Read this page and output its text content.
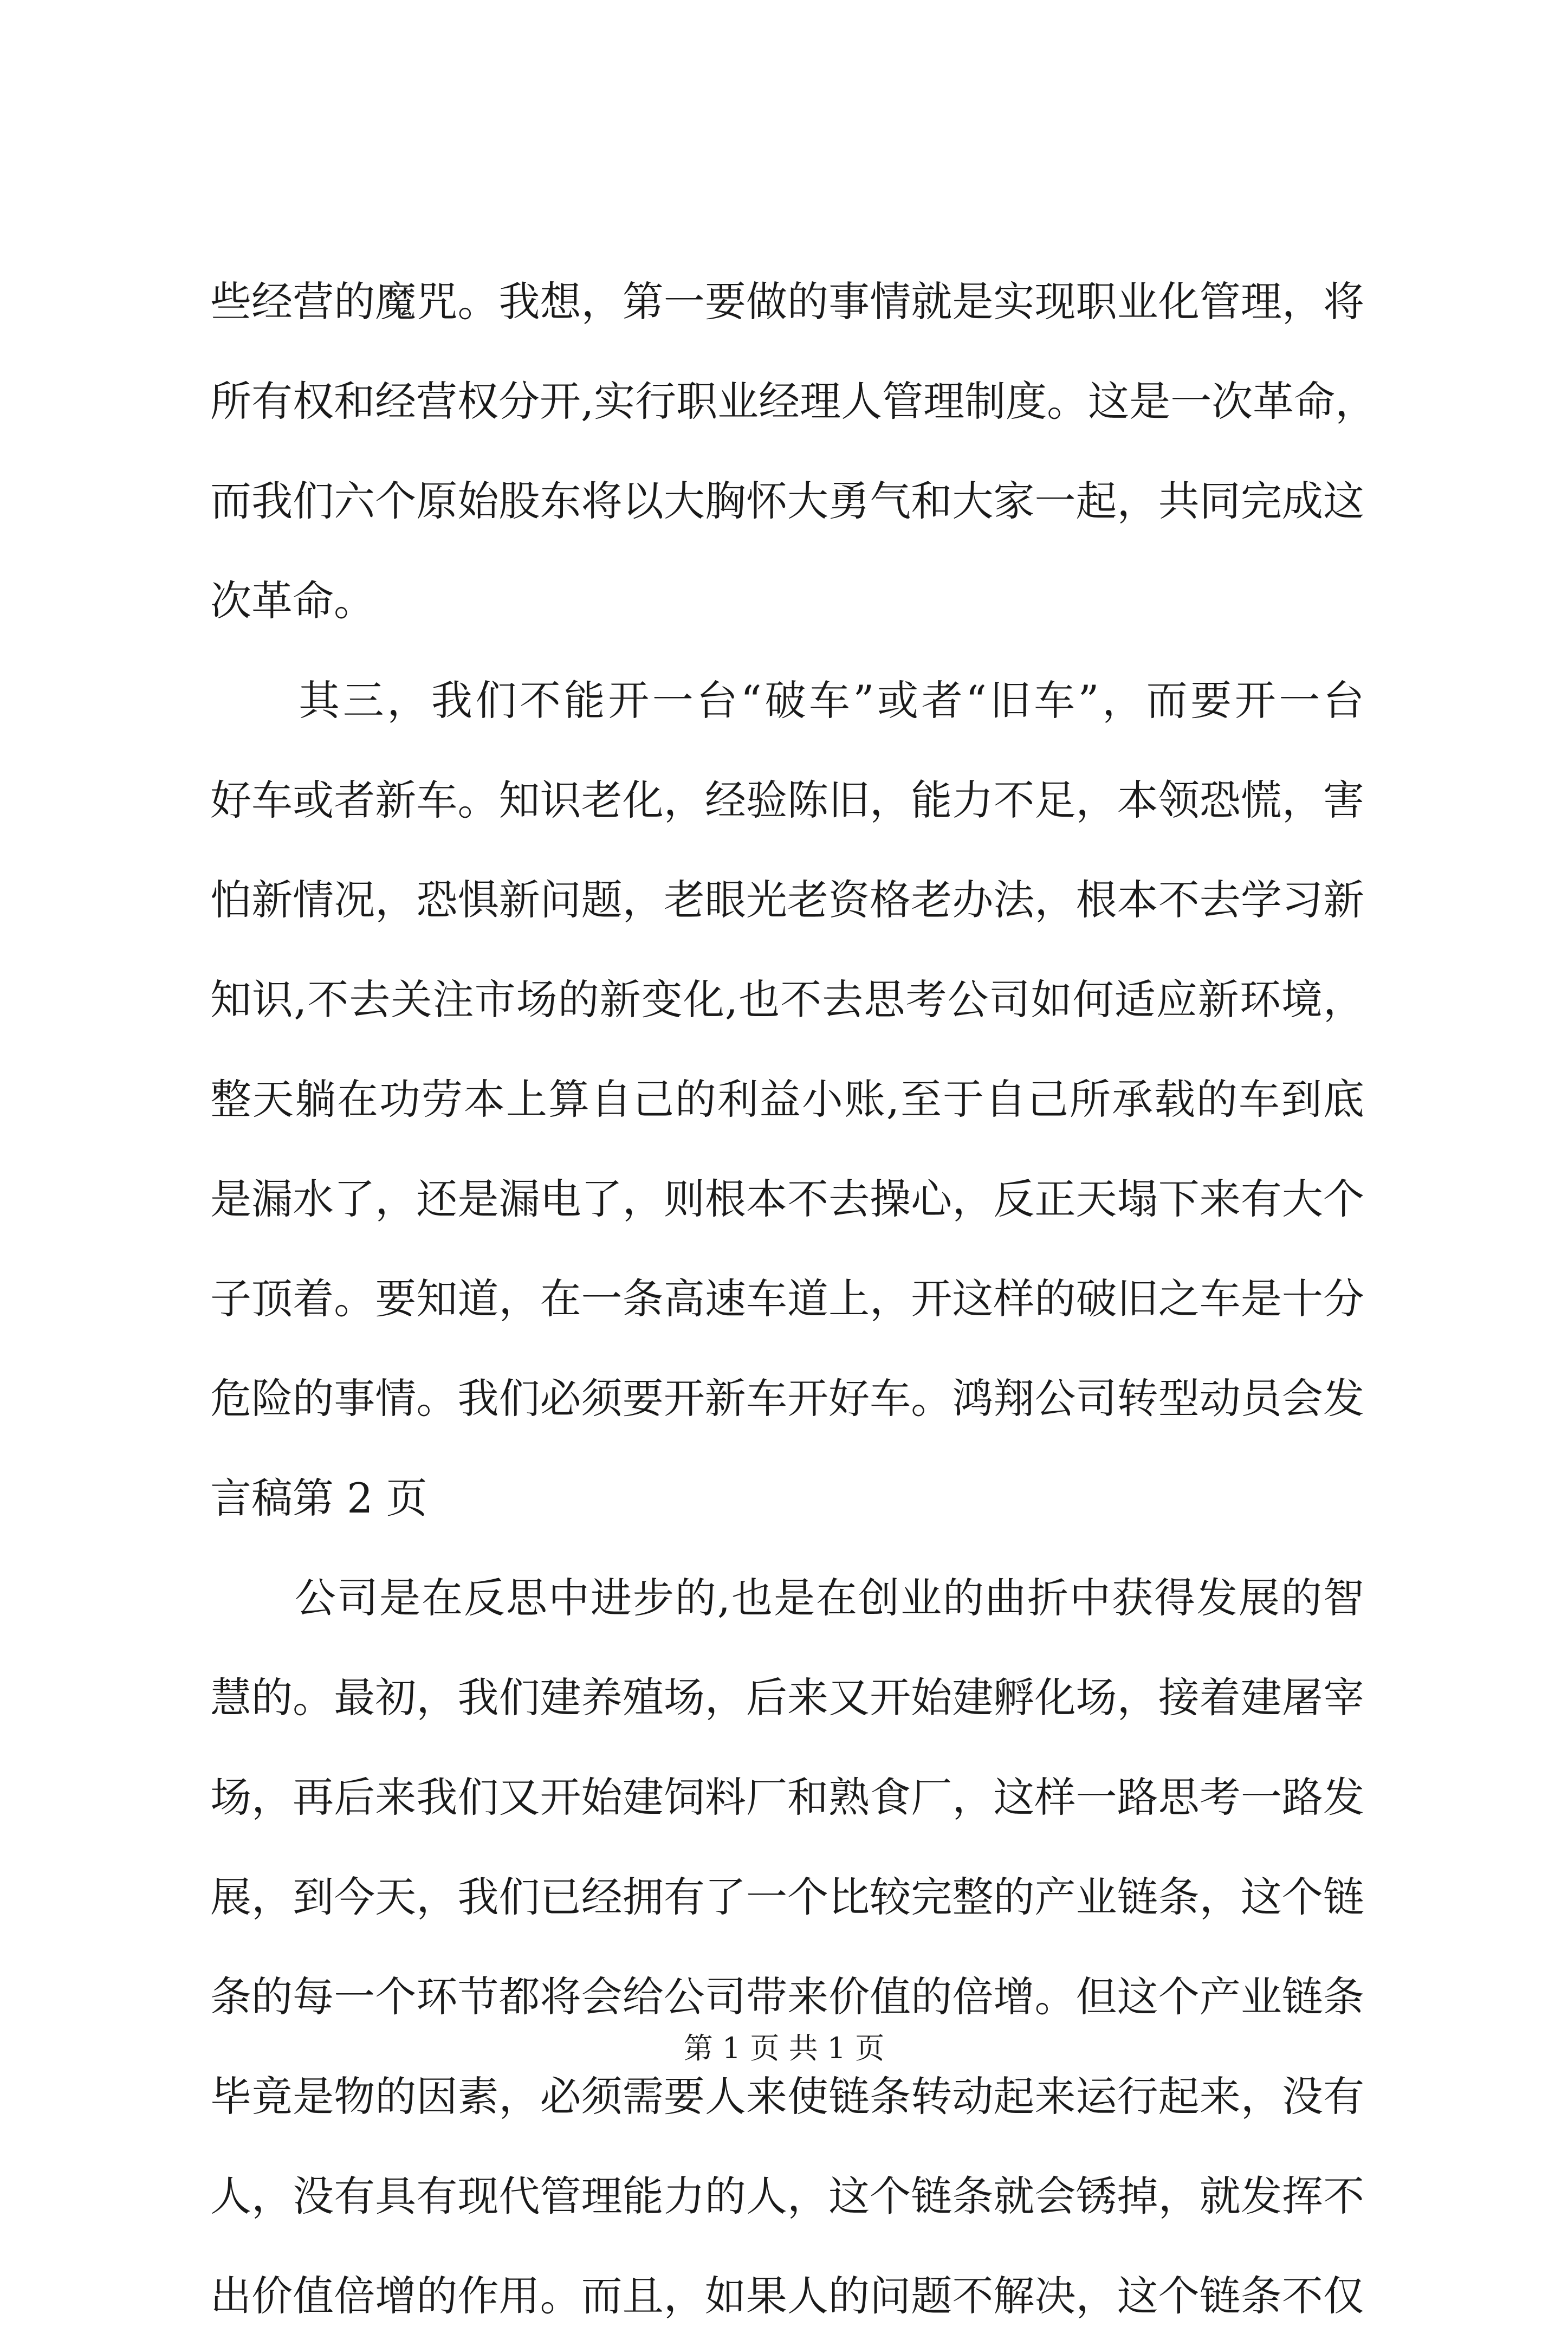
些经营的魔咒。我想，第一要做的事情就是实现职业化管理，将
所有权和经营权分开,实行职业经理人管理制度。这是一次革命，
而我们六个原始股东将以大胸怀大勇气和大家一起，共同完成这
次革命。
　　其三，我们不能开一台“破车”或者“旧车”，而要开一台
好车或者新车。知识老化，经验陈旧，能力不足，本领恐慌，害
怕新情况，恐惧新问题，老眼光老资格老办法，根本不去学习新
知识,不去关注市场的新变化,也不去思考公司如何适应新环境，
整天躺在功劳本上算自己的利益小账,至于自己所承载的车到底
是漏水了，还是漏电了，则根本不去操心，反正天塌下来有大个
子顶着。要知道，在一条高速车道上，开这样的破旧之车是十分
危险的事情。我们必须要开新车开好车。鸿翔公司转型动员会发
言稿第 2 页
　　公司是在反思中进步的,也是在创业的曲折中获得发展的智
慧的。最初，我们建养殖场，后来又开始建孵化场，接着建屠宰
场，再后来我们又开始建饲料厂和熟食厂，这样一路思考一路发
展，到今天，我们已经拥有了一个比较完整的产业链条，这个链
条的每一个环节都将会给公司带来价值的倍增。但这个产业链条
毕竟是物的因素，必须需要人来使链条转动起来运行起来，没有
人，没有具有现代管理能力的人，这个链条就会锈掉，就发挥不
出价值倍增的作用。而且，如果人的问题不解决，这个链条不仅
第 1 页 共 1 页
